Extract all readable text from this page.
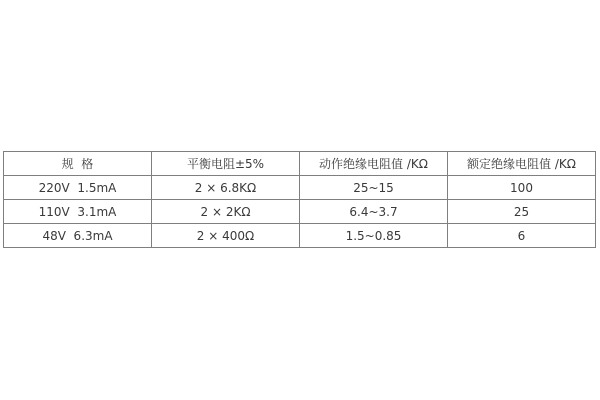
规  格	平衡电阻±5%	动作绝缘电阻值 /KΩ	额定绝缘电阻值 /KΩ
220V  1.5mA	2 × 6.8KΩ	25~15	100
110V  3.1mA	2 × 2KΩ	6.4~3.7	25
48V  6.3mA	2 × 400Ω	1.5~0.85	6
